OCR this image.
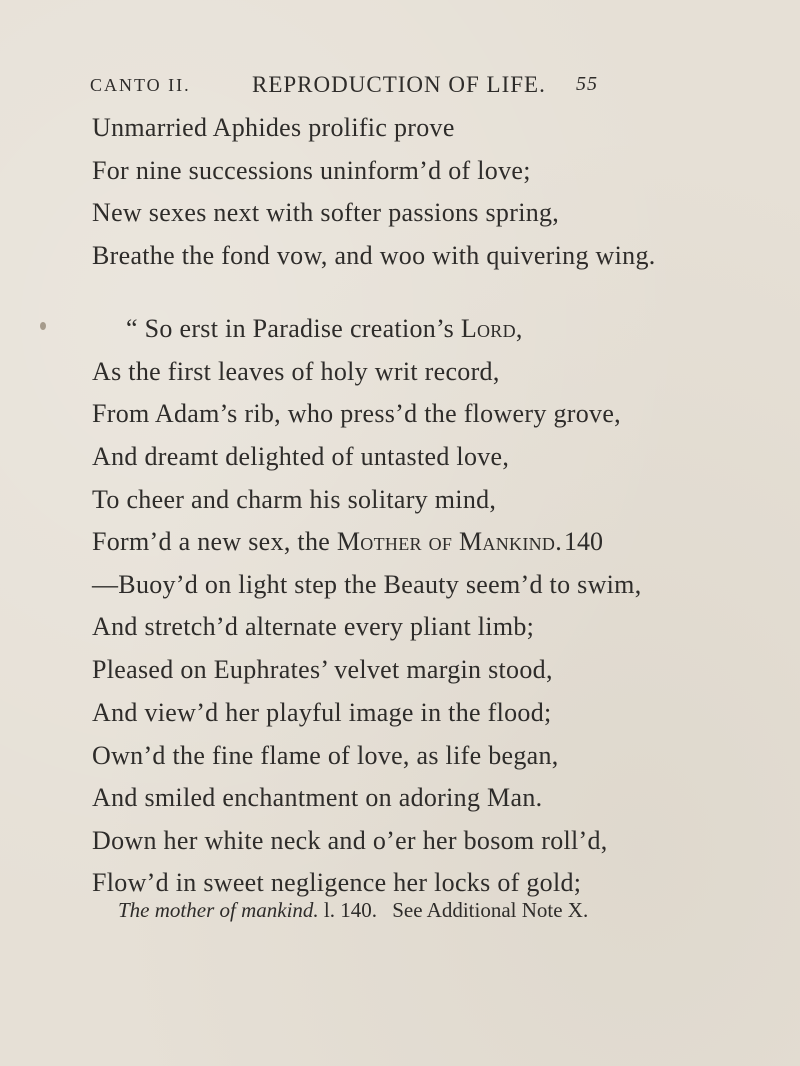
CANTO II.	REPRODUCTION OF LIFE. 55
Unmarried Aphides prolific prove
For nine successions uninform’d of love;
New sexes next with softer passions spring,
Breathe the fond vow, and woo with quivering wing.
“ So erst in Paradise creation’s Lord,
As the first leaves of holy writ record,
From Adam’s rib, who press’d the flowery grove,
And dreamt delighted of untasted love,
To cheer and charm his solitary mind,
Form’d a new sex, the Mother of Mankind. 140
—Buoy’d on light step the Beauty seem’d to swim,
And stretch’d alternate every pliant limb;
Pleased on Euphrates’ velvet margin stood,
And view’d her playful image in the flood;
Own’d the fine flame of love, as life began,
And smiled enchantment on adoring Man.
Down her white neck and o’er her bosom roll’d,
Flow’d in sweet negligence her locks of gold;
The mother of mankind. l. 140. See Additional Note X.
